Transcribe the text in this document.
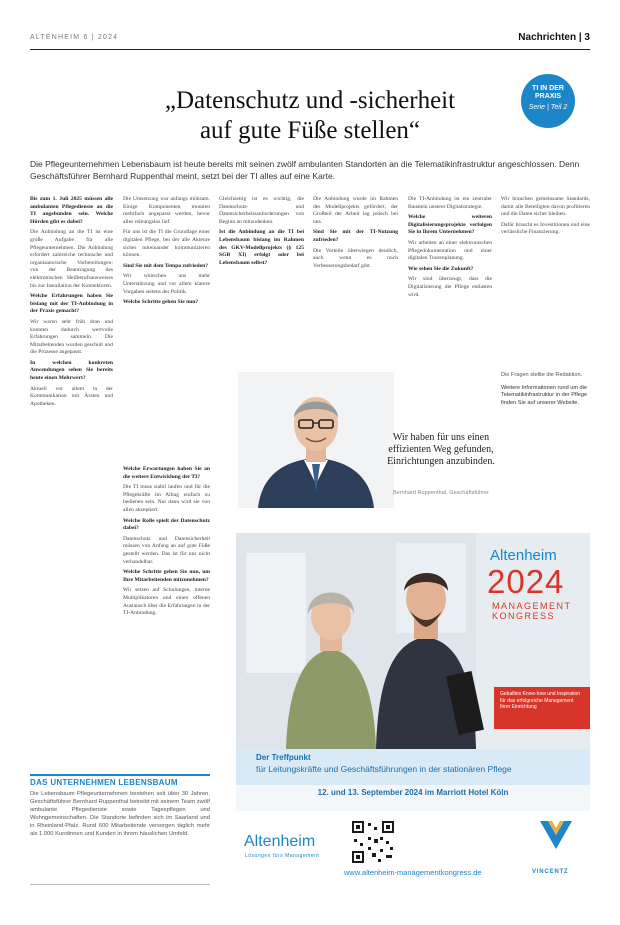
ALTENHEIM 6 | 2024	Nachrichten | 3
„Datenschutz und -sicherheit
auf gute Füße stellen“
TI IN DER
PRAXIS
Serie | Teil 2
Die Pflegeunternehmen Lebensbaum ist heute bereits mit seinen zwölf ambulanten Standorten an die Telematikinfrastruktur angeschlossen. Denn Geschäftsführer Bernhard Ruppenthal meint, setzt bei der TI alles auf eine Karte.

Bis zum 1. Juli 2025 müssen alle ambulanten Pflegedienste an die TI angebunden sein. Welche Hürden gibt es dabei?

Die Anbindung an die TI ist eine große Aufgabe für alle Pflegeunternehmen. Die Anbindung erfordert zahlreiche technische und organisatorische Vorbereitungen: von der Beantragung des elektronischen Heilberufsausweises bis zur Installation der Konnektoren.

Welche Erfahrungen haben Sie bislang mit der TI-Anbindung in der Praxis gemacht?

Wir waren sehr früh dran und konnten dadurch wertvolle Erfahrungen sammeln. Die Mitarbeitenden wurden geschult und die Prozesse angepasst.

In welchen konkreten Anwendungen sehen Sie bereits heute einen Mehrwert?

Aktuell vor allem in der Kommunikation mit Ärzten und Apotheken.

Die Umsetzung war anfangs mühsam. Einige Komponenten mussten mehrfach angepasst werden, bevor alles reibungslos lief.

Für uns ist die TI die Grundlage einer digitalen Pflege, bei der alle Akteure sicher miteinander kommunizieren können.

Sind Sie mit dem Tempo zufrieden?

Wir wünschen uns mehr Unterstützung und vor allem klarere Vorgaben seitens der Politik.

Welche Schritte gehen Sie nun?

Welche Erwartungen haben Sie an die weitere Entwicklung der TI?

Die TI muss stabil laufen und für die Pflegekräfte im Alltag einfach zu bedienen sein. Nur dann wird sie von allen akzeptiert.

Welche Rolle spielt der Datenschutz dabei?

Datenschutz und Datensicherheit müssen von Anfang an auf gute Füße gestellt werden. Das ist für uns nicht verhandelbar.

Welche Schritte gehen Sie nun, um Ihre Mitarbeitenden mitzunehmen?

Wir setzen auf Schulungen, interne Multiplikatoren und einen offenen Austausch über die Erfahrungen in der TI-Anbindung.

Gleichzeitig ist es wichtig, die Datenschutz- und Datensicherheitsanforderungen von Beginn an mitzudenken.

Ist die Anbindung an die TI bei Lebensbaum bislang im Rahmen des GKV-Modellprojekts (§ 125 SGB XI) erfolgt oder bei Lebensbaum selbst?

Die Anbindung wurde im Rahmen des Modellprojekts gefördert, der Großteil der Arbeit lag jedoch bei uns.

Sind Sie mit der TI-Nutzung zufrieden?

Die Vorteile überwiegen deutlich, auch wenn es noch Verbesserungsbedarf gibt.

Die TI-Anbindung ist ein zentraler Baustein unserer Digitalstrategie.

Welche weiteren Digitalisierungsprojekte verfolgen Sie in Ihrem Unternehmen?

Wir arbeiten an einer elektronischen Pflegedokumentation und einer digitalen Tourenplanung.

Wie sehen Sie die Zukunft?

Wir sind überzeugt, dass die Digitalisierung die Pflege entlasten wird.

Wir brauchen gemeinsame Standards, damit alle Beteiligten davon profitieren und die Daten sicher bleiben.

Dafür braucht es Investitionen und eine verlässliche Finanzierung.

Die Fragen stellte die Redaktion.
Weitere Informationen rund um die Telematikinfrastruktur in der Pflege finden Sie auf unserer Website.
Wir haben für uns einen effizienten Weg gefunden, Einrichtungen anzubinden.
Bernhard Ruppenthal, Geschäftsführer
DAS UNTERNEHMEN LEBENSBAUM
Die Lebensbaum Pflegeunternehmen bestehen seit über 30 Jahren. Geschäftsführer Bernhard Ruppenthal betreibt mit seinem Team zwölf ambulante Pflegedienste sowie Tagespflegen und Wohngemeinschaften. Die Standorte befinden sich im Saarland und in Rheinland-Pfalz. Rund 600 Mitarbeitende versorgen täglich mehr als 1.000 Kundinnen und Kunden in ihrem häuslichen Umfeld.
Altenheim
2024
MANAGEMENT
KONGRESS
Geballtes Know-how und Inspiration für das erfolgreiche Management Ihrer Einrichtung
Der Treffpunkt
für Leitungskräfte und Geschäftsführungen in der stationären Pflege
12. und 13. September 2024 im Marriott Hotel Köln
Altenheim
Lösungen fürs Management
www.altenheim-managementkongress.de	VINCENTZ
